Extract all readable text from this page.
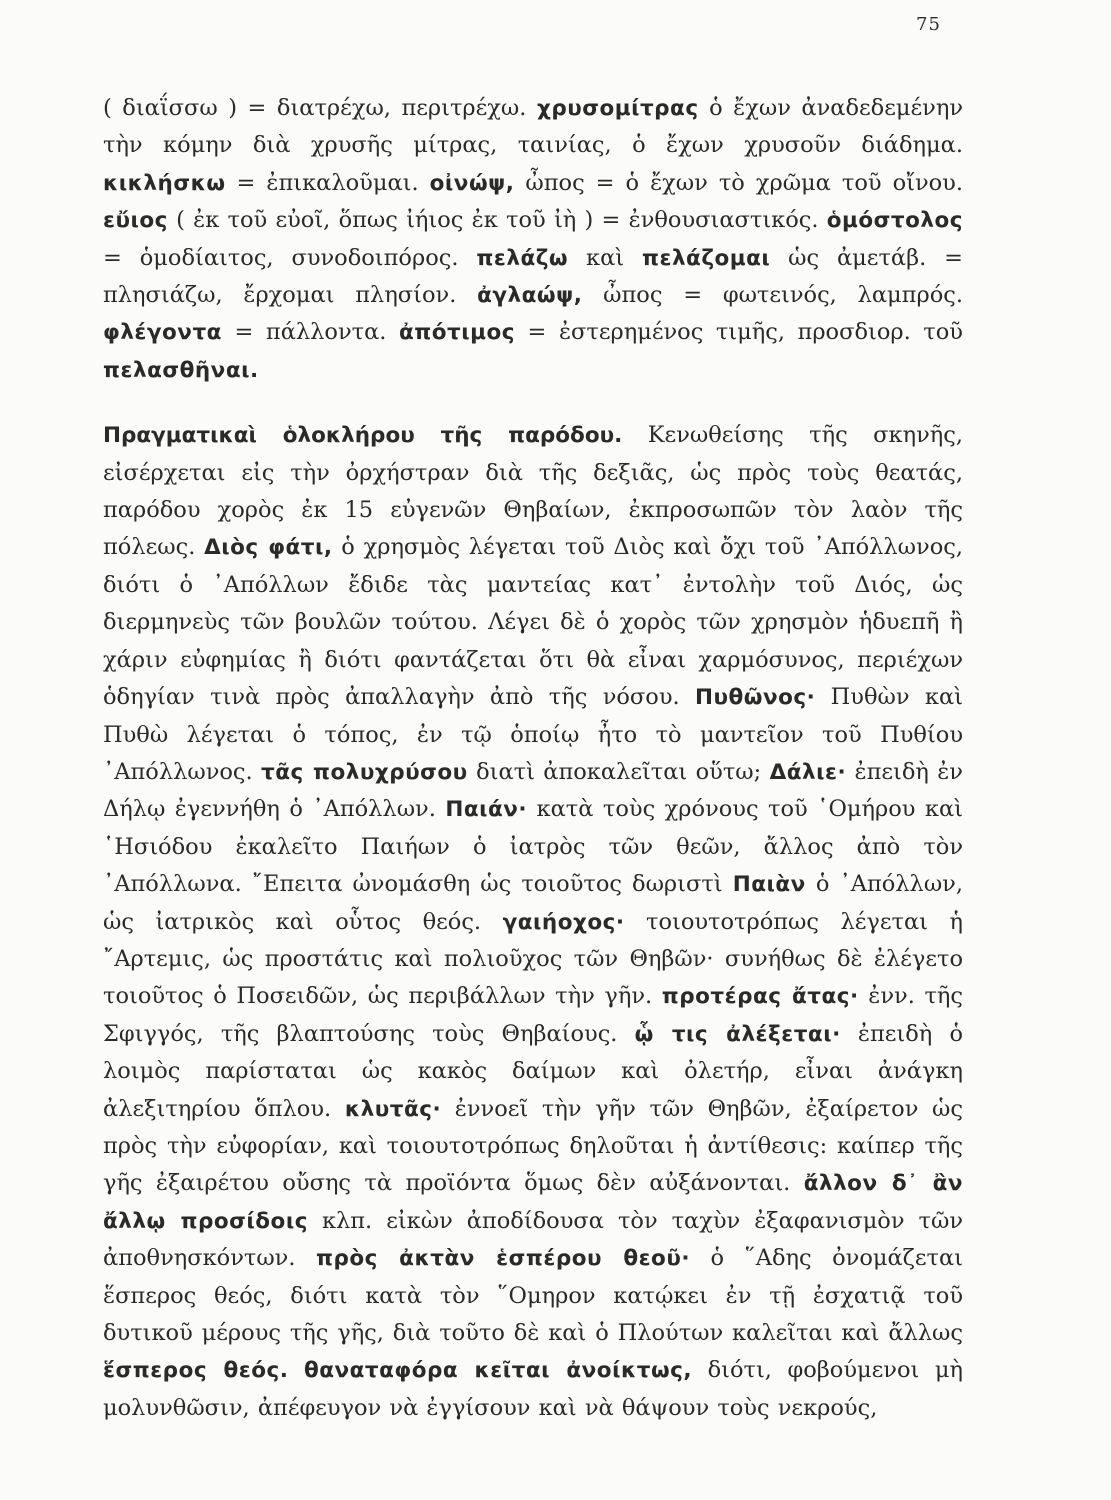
75

( διαΐσσω ) = διατρέχω, περιτρέχω. χρυσομίτρας ὁ ἔχων ἀναδεδεμένην τὴν κόμην διὰ χρυσῆς μίτρας, ταινίας, ὁ ἔχων χρυσοῦν διάδημα. κικλήσκω = ἐπικαλοῦμαι. οἰνώψ, ὦπος = ὁ ἔχων τὸ χρῶμα τοῦ οἴνου. εὔιος ( ἐκ τοῦ εὐοῖ, ὅπως ἰήιος ἐκ τοῦ ἰὴ ) = ἐνθουσιαστικός. ὁμόστολος = ὁμοδίαιτος, συνοδοιπόρος. πελάζω καὶ πελάζομαι ὡς ἀμετάβ. = πλησιάζω, ἔρχομαι πλησίον. ἀγλαώψ, ὦπος = φωτεινός, λαμπρός. φλέγοντα = πάλλοντα. ἀπότιμος = ἐστερημένος τιμῆς, προσδιορ. τοῦ πελασθῆναι.

Πραγματικαὶ ὁλοκλήρου τῆς παρόδου. Κενωθείσης τῆς σκηνῆς, εἰσέρχεται εἰς τὴν ὀρχήστραν διὰ τῆς δεξιᾶς, ὡς πρὸς τοὺς θεατάς, παρόδου χορὸς ἐκ 15 εὐγενῶν Θηβαίων, ἐκπροσωπῶν τὸν λαὸν τῆς πόλεως. Διὸς φάτι, ὁ χρησμὸς λέγεται τοῦ Διὸς καὶ ὄχι τοῦ ᾿Απόλλωνος, διότι ὁ ᾿Απόλλων ἔδιδε τὰς μαντείας κατ᾿ ἐντολὴν τοῦ Διός, ὡς διερμηνεὺς τῶν βουλῶν τούτου. Λέγει δὲ ὁ χορὸς τῶν χρησμὸν ἡδυεπῆ ἢ χάριν εὐφημίας ἢ διότι φαντάζεται ὅτι θὰ εἶναι χαρμόσυνος, περιέχων ὁδηγίαν τινὰ πρὸς ἀπαλλαγὴν ἀπὸ τῆς νόσου. Πυθῶνος· Πυθὼν καὶ Πυθὼ λέγεται ὁ τόπος, ἐν τῷ ὁποίῳ ἦτο τὸ μαντεῖον τοῦ Πυθίου ᾿Απόλλωνος. τᾶς πολυχρύσου διατὶ ἀποκαλεῖται οὕτω; Δάλιε· ἐπειδὴ ἐν Δήλῳ ἐγεννήθη ὁ ᾿Απόλλων. Παιάν· κατὰ τοὺς χρόνους τοῦ ῾Ομήρου καὶ ῾Ησιόδου ἐκαλεῖτο Παιήων ὁ ἰατρὸς τῶν θεῶν, ἄλλος ἀπὸ τὸν ᾿Απόλλωνα. ῎Επειτα ὠνομάσθη ὡς τοιοῦτος δωριστὶ Παιὰν ὁ ᾿Απόλλων, ὡς ἰατρικὸς καὶ οὗτος θεός. γαιήοχος· τοιουτοτρόπως λέγεται ἡ ῎Αρτεμις, ὡς προστάτις καὶ πολιοῦχος τῶν Θηβῶν· συνήθως δὲ ἐλέγετο τοιοῦτος ὁ Ποσειδῶν, ὡς περιβάλλων τὴν γῆν. προτέρας ἄτας· ἐνν. τῆς Σφιγγός, τῆς βλαπτούσης τοὺς Θηβαίους. ᾧ τις ἀλέξεται· ἐπειδὴ ὁ λοιμὸς παρίσταται ὡς κακὸς δαίμων καὶ ὀλετήρ, εἶναι ἀνάγκη ἀλεξιτηρίου ὅπλου. κλυτᾶς· ἐννοεῖ τὴν γῆν τῶν Θηβῶν, ἐξαίρετον ὡς πρὸς τὴν εὐφορίαν, καὶ τοιουτοτρόπως δηλοῦται ἡ ἀντίθεσις: καίπερ τῆς γῆς ἐξαιρέτου οὔσης τὰ προϊόντα ὅμως δὲν αὐξάνονται. ἄλλον δ᾿ ἂν ἄλλῳ προσίδοις κλπ. εἰκὼν ἀποδίδουσα τὸν ταχὺν ἐξαφανισμὸν τῶν ἀποθνησκόντων. πρὸς ἀκτὰν ἑσπέρου θεοῦ· ὁ ῞Αδης ὀνομάζεται ἕσπερος θεός, διότι κατὰ τὸν ῞Ομηρον κατῴκει ἐν τῇ ἐσχατιᾷ τοῦ δυτικοῦ μέρους τῆς γῆς, διὰ τοῦτο δὲ καὶ ὁ Πλούτων καλεῖται καὶ ἄλλως ἕσπερος θεός. θαναταφόρα κεῖται ἀνοίκτως, διότι, φοβούμενοι μὴ μολυνθῶσιν, ἀπέφευγον νὰ ἐγγίσουν καὶ νὰ θάψουν τοὺς νεκρούς,
